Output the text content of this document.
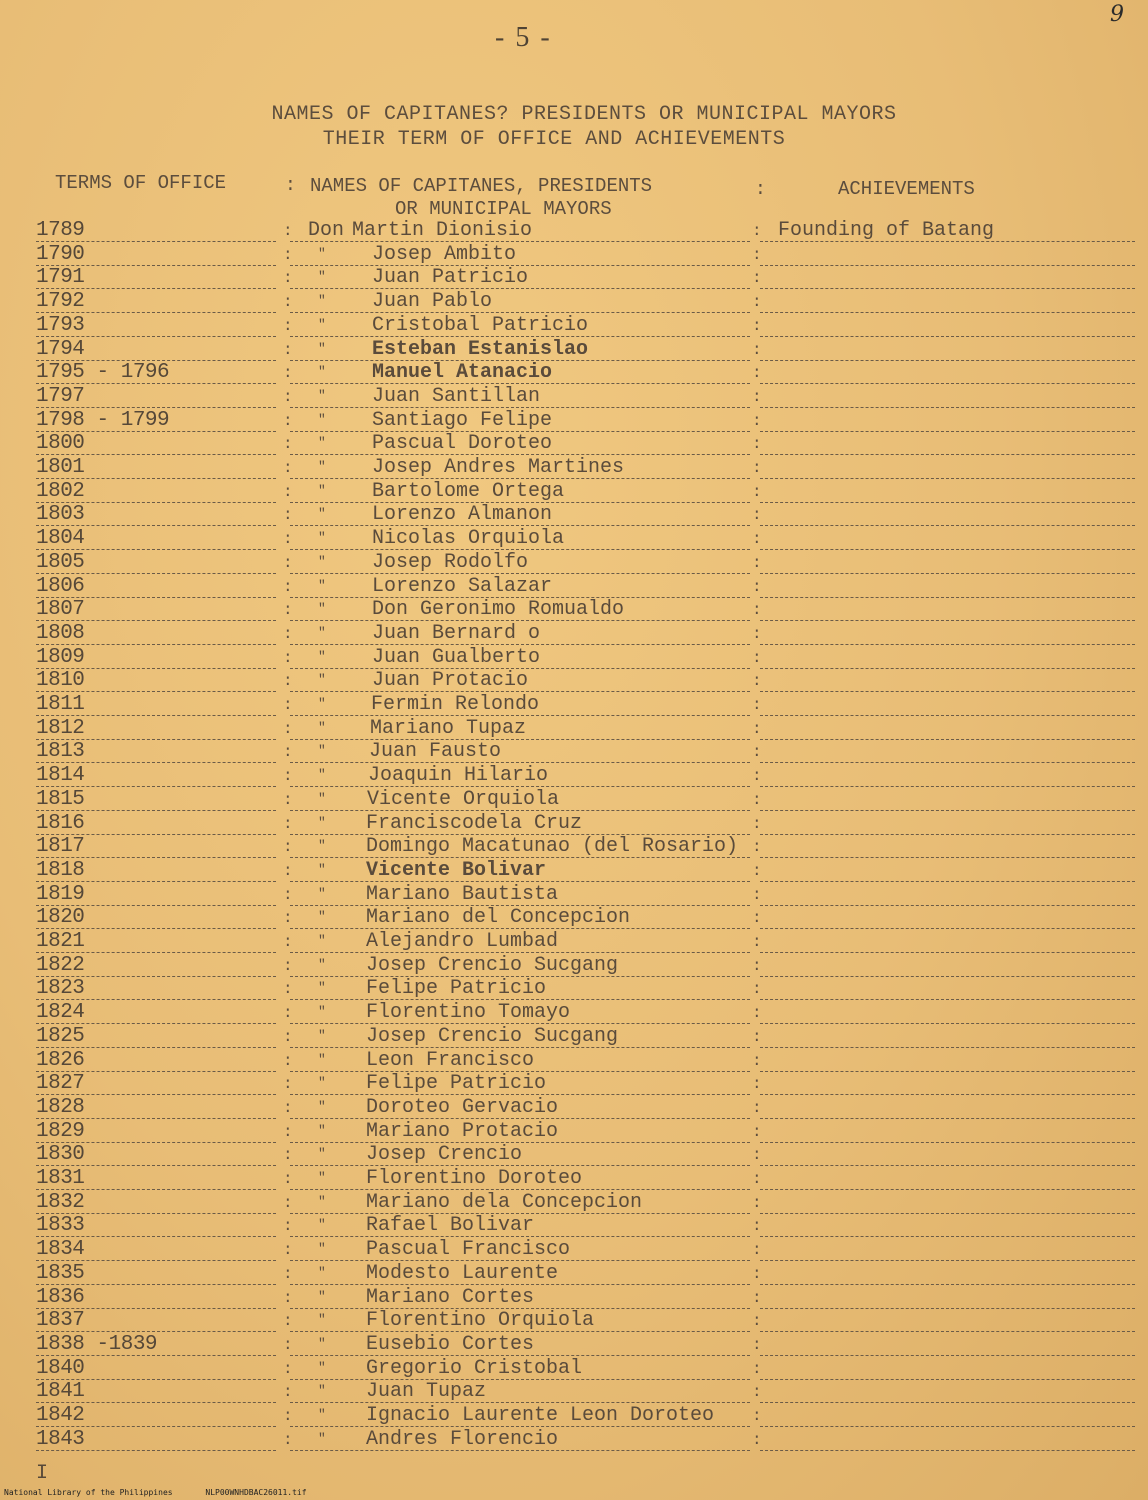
9
- 5 -
NAMES OF CAPITANES? PRESIDENTS OR MUNICIPAL MAYORS
THEIR TERM OF OFFICE AND ACHIEVEMENTS
TERMS OF OFFICE	: NAMES OF CAPITANES, PRESIDENTS
OR MUNICIPAL MAYORS
:	ACHIEVEMENTS
1789	: Don Martin Dionisio	: Founding of Batang
1790	: " Josep Ambito	:
1791	: " Juan Patricio	:
1792	: " Juan Pablo	:
1793	: " Cristobal Patricio	:
1794	: " Esteban Estanislao	:
1795 - 1796	: " Manuel Atanacio	:
1797	: " Juan Santillan	:
1798 - 1799	: " Santiago Felipe	:
1800	: " Pascual Doroteo	:
1801	: " Josep Andres Martines	:
1802	: " Bartolome Ortega	:
1803	: " Lorenzo Almanon	:
1804	: " Nicolas Orquiola	:
1805	: " Josep Rodolfo	:
1806	: " Lorenzo Salazar	:
1807	: " Don Geronimo Romualdo	:
1808	: " Juan Bernard o	:
1809	: " Juan Gualberto	:
1810	: " Juan Protacio	:
1811	: " Fermin Relondo	:
1812	: " Mariano Tupaz	:
1813	: " Juan Fausto	:
1814	: " Joaquin Hilario	:
1815	: " Vicente Orquiola	:
1816	: " Franciscodela Cruz	:
1817	: " Domingo Macatunao (del Rosario) :
1818	: " Vicente Bolivar	:
1819	: " Mariano Bautista	:
1820	: " Mariano del Concepcion	:
1821	: " Alejandro Lumbad	:
1822	: " Josep Crencio Sucgang	:
1823	: " Felipe Patricio	:
1824	: " Florentino Tomayo	:
1825	: " Josep Crencio Sucgang	:
1826	: " Leon Francisco	:
1827	: " Felipe Patricio	:
1828	: " Doroteo Gervacio	:
1829	: " Mariano Protacio	:
1830	: " Josep Crencio	:
1831	: " Florentino Doroteo	:
1832	: " Mariano dela Concepcion	:
1833	: " Rafael Bolivar	:
1834	: " Pascual Francisco	:
1835	: " Modesto Laurente	:
1836	: " Mariano Cortes	:
1837	: " Florentino Orquiola	:
1838 -1839	: " Eusebio Cortes	:
1840	: " Gregorio Cristobal	:
1841	: " Juan Tupaz	:
1842	: " Ignacio Laurente Leon Doroteo :
1843	: " Andres Florencio	:
I
National Library of the Philippines	NLP00WNHDBAC26011.tif
